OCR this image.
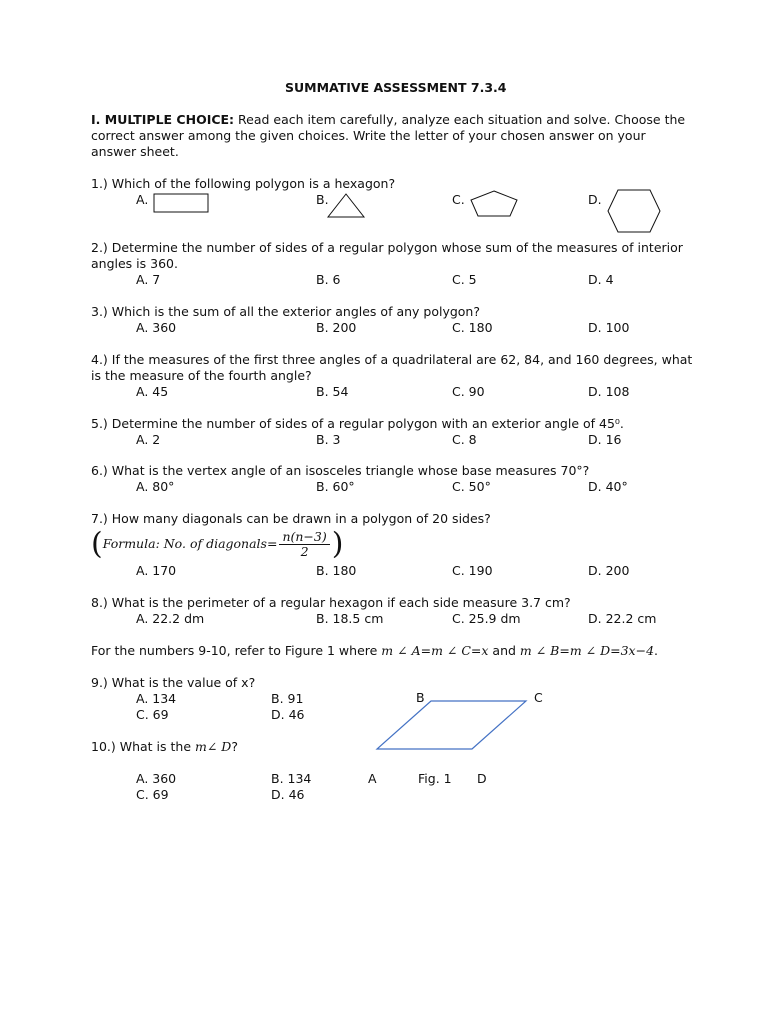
SUMMATIVE ASSESSMENT 7.3.4
I. MULTIPLE CHOICE: Read each item carefully, analyze each situation and solve. Choose the
correct answer among the given choices. Write the letter of your chosen answer on your
answer sheet.
1.) Which of the following polygon is a hexagon?
A.	B.	C.	D.
2.) Determine the number of sides of a regular polygon whose sum of the measures of interior
angles is 360.
A. 7	B. 6	C. 5	D. 4
3.) Which is the sum of all the exterior angles of any polygon?
A. 360	B. 200	C. 180	D. 100
4.) If the measures of the first three angles of a quadrilateral are 62, 84, and 160 degrees, what
is the measure of the fourth angle?
A. 45	B. 54	C. 90	D. 108
5.) Determine the number of sides of a regular polygon with an exterior angle of 45⁰.
A. 2	B. 3	C. 8	D. 16
6.) What is the vertex angle of an isosceles triangle whose base measures 70°?
A. 80°	B. 60°	C. 50°	D. 40°
7.) How many diagonals can be drawn in a polygon of 20 sides?
(Formula: No. of diagonals= $\frac{n(n-3)}{2}$ )
A. 170	B. 180	C. 190	D. 200
8.) What is the perimeter of a regular hexagon if each side measure 3.7 cm?
A. 22.2 dm	B. 18.5 cm	C. 25.9 dm	D. 22.2 cm
For the numbers 9-10, refer to Figure 1 where m ∠ A=m ∠ C=x and m ∠ B=m ∠ D=3x−4.
9.) What is the value of x?
A. 134	B. 91
C. 69	D. 46
10.) What is the m∠ D?
A. 360	B. 134
C. 69	D. 46
B	C
A	Fig. 1 D
